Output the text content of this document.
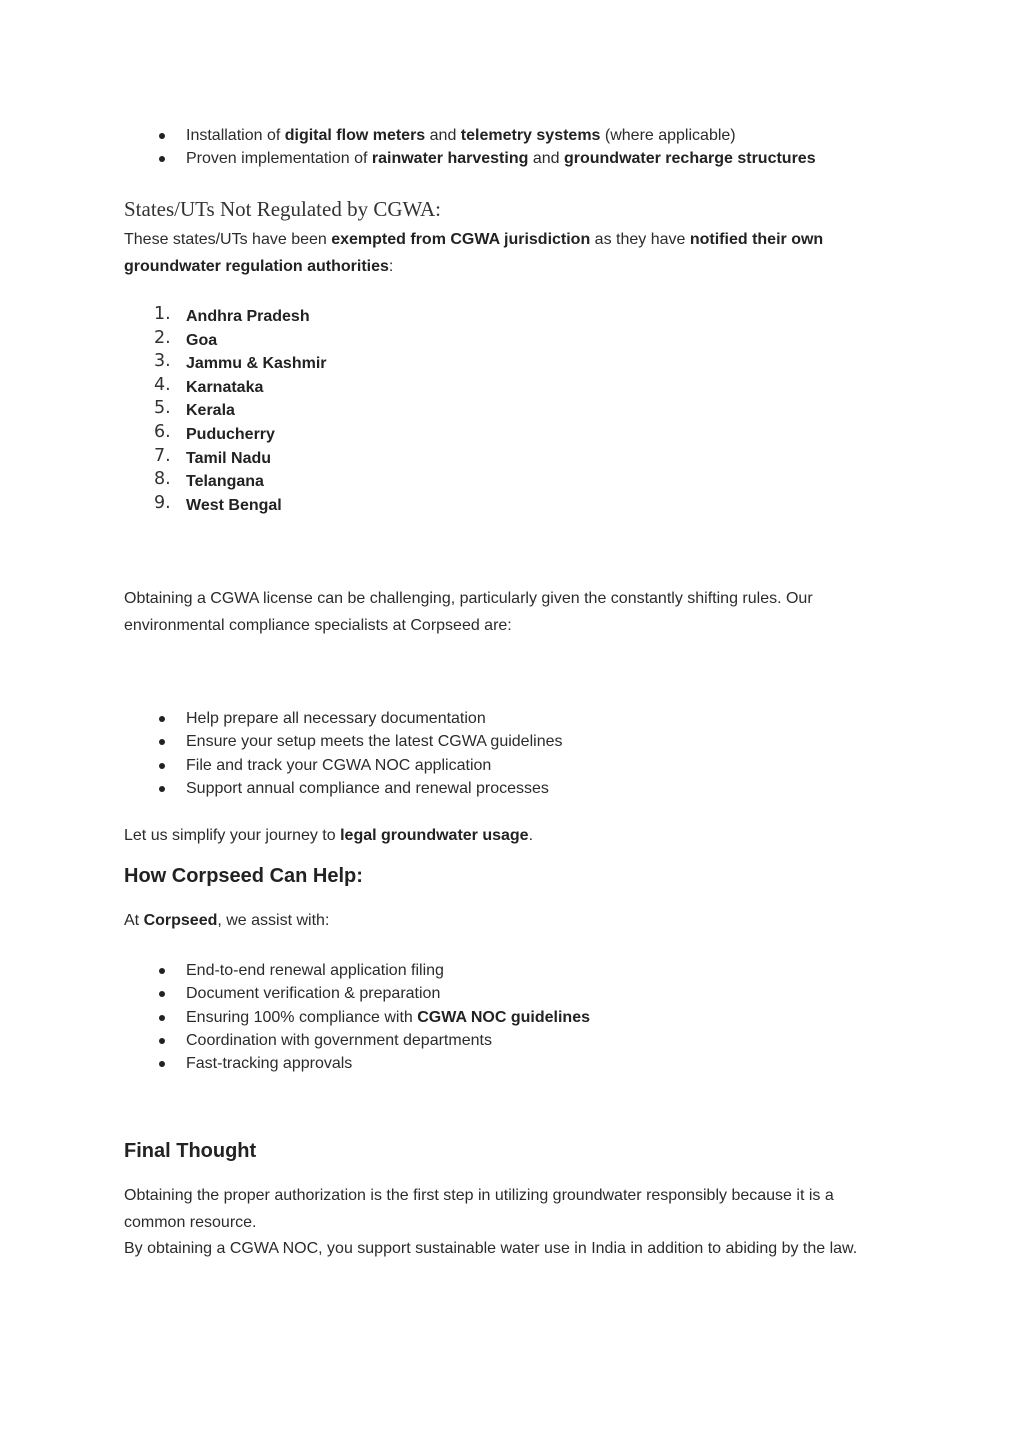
Installation of digital flow meters and telemetry systems (where applicable)
Proven implementation of rainwater harvesting and groundwater recharge structures
States/UTs Not Regulated by CGWA:

These states/UTs have been exempted from CGWA jurisdiction as they have notified their own groundwater regulation authorities:

1. Andhra Pradesh
2. Goa
3. Jammu & Kashmir
4. Karnataka
5. Kerala
6. Puducherry
7. Tamil Nadu
8. Telangana
9. West Bengal

Obtaining a CGWA license can be challenging, particularly given the constantly shifting rules. Our environmental compliance specialists at Corpseed are:

Help prepare all necessary documentation
Ensure your setup meets the latest CGWA guidelines
File and track your CGWA NOC application
Support annual compliance and renewal processes

Let us simplify your journey to legal groundwater usage.

How Corpseed Can Help:

At Corpseed, we assist with:

End-to-end renewal application filing
Document verification & preparation
Ensuring 100% compliance with CGWA NOC guidelines
Coordination with government departments
Fast-tracking approvals
Final Thought

Obtaining the proper authorization is the first step in utilizing groundwater responsibly because it is a common resource.

By obtaining a CGWA NOC, you support sustainable water use in India in addition to abiding by the law.
